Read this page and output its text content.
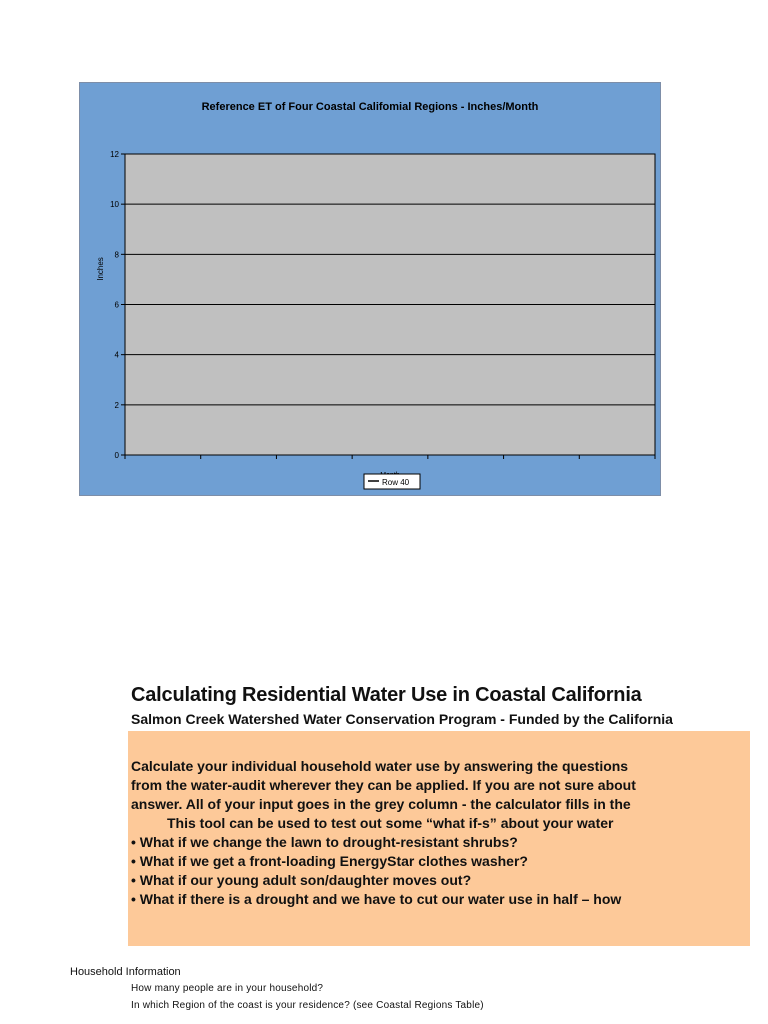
Reference ET of Four Coastal Califomial Regions - Inches/Month
0
2
4
6
8
10
12
Inches
Row 40
Calculating Residential Water Use in Coastal California
Salmon Creek Watershed Water Conservation Program - Funded by the California
Calculate your individual household water use by answering the questions
from the water-audit wherever they can be applied. If you are not sure about
answer. All of your input goes in the grey column - the calculator fills in the
This tool can be used to test out some “what if-s” about your water
• What if we change the lawn to drought-resistant shrubs?
• What if we get a front-loading EnergyStar clothes washer?
• What if our young adult son/daughter moves out?
• What if there is a drought and we have to cut our water use in half – how
Household Information
How many people are in your household?
In which Region of the coast is your residence? (see Coastal Regions Table)
